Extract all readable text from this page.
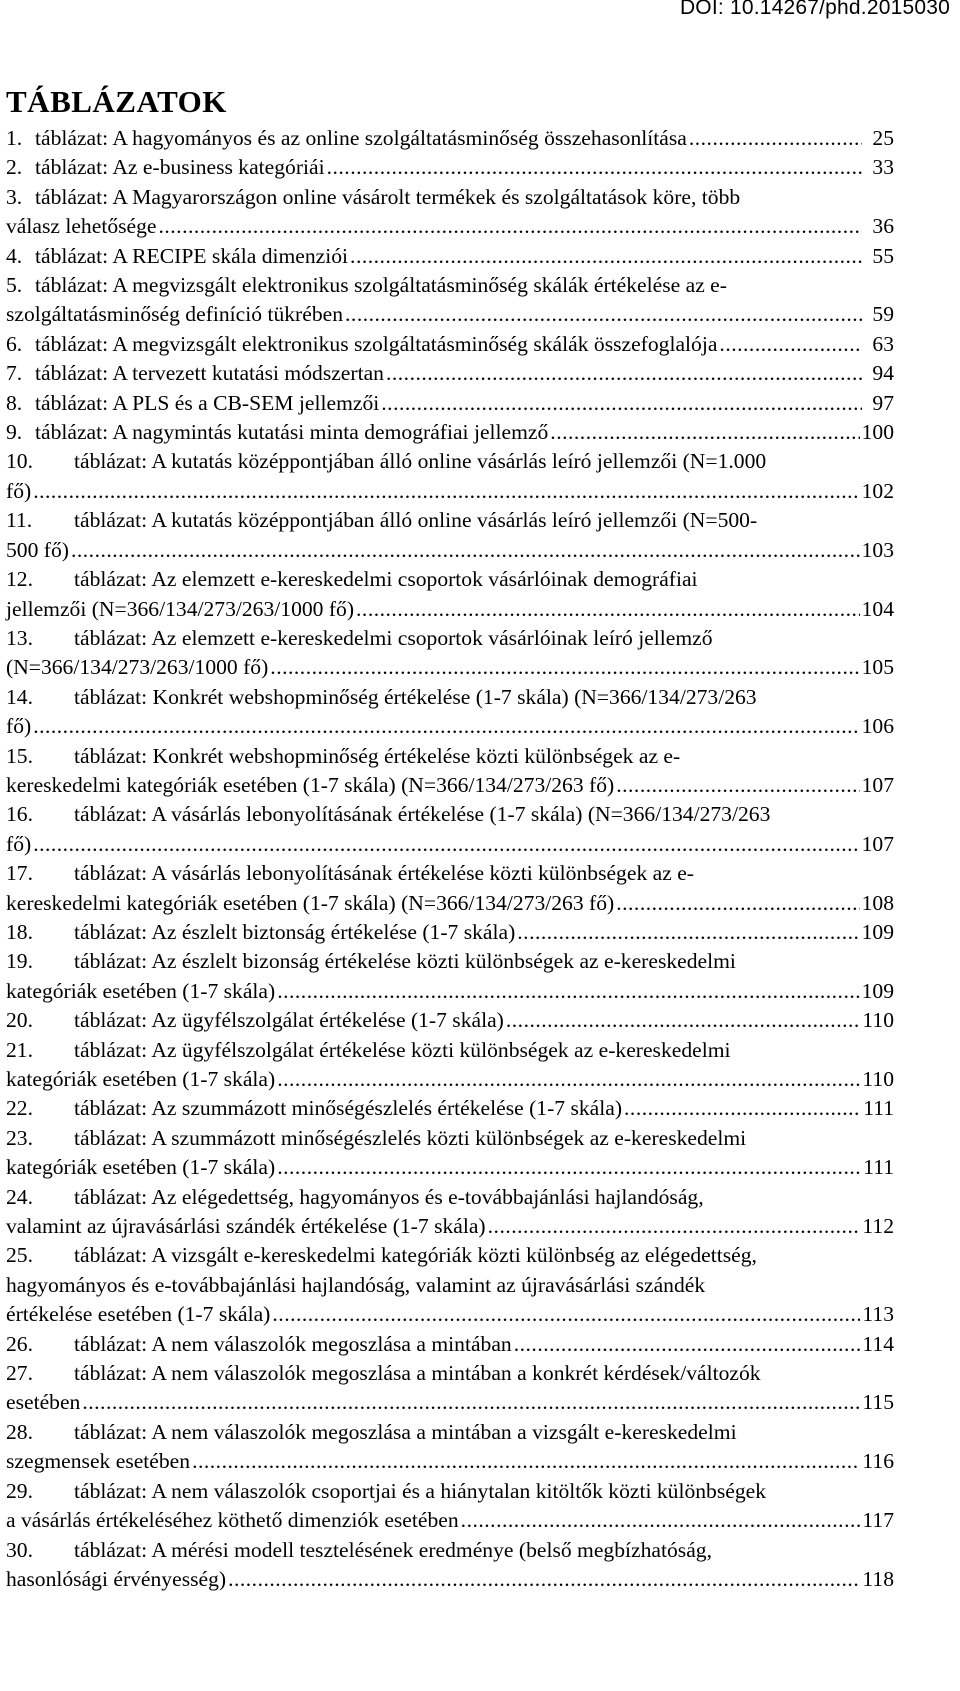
DOI: 10.14267/phd.2015030
TÁBLÁZATOK
1. táblázat: A hagyományos és az online szolgáltatásminőség összehasonlítása .....	25
2. táblázat: Az e-business kategóriái .....	33
3. táblázat: A Magyarországon online vásárolt termékek és szolgáltatások köre, több
válasz lehetősége .....	36
4. táblázat: A RECIPE skála dimenziói .....	55
5. táblázat: A megvizsgált elektronikus szolgáltatásminőség skálák értékelése az e-
szolgáltatásminőség definíció tükrében .....	59
6. táblázat: A megvizsgált elektronikus szolgáltatásminőség skálák összefoglalója .....	63
7. táblázat: A tervezett kutatási módszertan .....	94
8. táblázat: A PLS és a CB-SEM jellemzői .....	97
9. táblázat: A nagymintás kutatási minta demográfiai jellemző .....	100
10.	táblázat: A kutatás középpontjában álló online vásárlás leíró jellemzői (N=1.000
fő) .....	102
11.	táblázat: A kutatás középpontjában álló online vásárlás leíró jellemzői (N=500-
500 fő) .....	103
12.	táblázat: Az elemzett e-kereskedelmi csoportok vásárlóinak demográfiai
jellemzői (N=366/134/273/263/1000 fő) .....	104
13.	táblázat: Az elemzett e-kereskedelmi csoportok vásárlóinak leíró jellemző
(N=366/134/273/263/1000 fő) .....	105
14.	táblázat: Konkrét webshopminőség értékelése (1-7 skála) (N=366/134/273/263
fő) .....	106
15.	táblázat: Konkrét webshopminőség értékelése közti különbségek az e-
kereskedelmi kategóriák esetében (1-7 skála) (N=366/134/273/263 fő) .....	107
16.	táblázat: A vásárlás lebonyolításának értékelése (1-7 skála) (N=366/134/273/263
fő) .....	107
17.	táblázat: A vásárlás lebonyolításának értékelése közti különbségek az e-
kereskedelmi kategóriák esetében (1-7 skála) (N=366/134/273/263 fő) .....	108
18.	táblázat: Az észlelt biztonság értékelése (1-7 skála) .....	109
19.	táblázat: Az észlelt bizonság értékelése közti különbségek az e-kereskedelmi
kategóriák esetében (1-7 skála) .....	109
20.	táblázat: Az ügyfélszolgálat értékelése (1-7 skála) .....	110
21.	táblázat: Az ügyfélszolgálat értékelése közti különbségek az e-kereskedelmi
kategóriák esetében (1-7 skála) .....	110
22.	táblázat: Az szummázott minőségészlelés értékelése (1-7 skála) .....	111
23.	táblázat: A szummázott minőségészlelés közti különbségek az e-kereskedelmi
kategóriák esetében (1-7 skála) .....	111
24.	táblázat: Az elégedettség, hagyományos és e-továbbajánlási hajlandóság,
valamint az újravásárlási szándék értékelése (1-7 skála) .....	112
25.	táblázat: A vizsgált e-kereskedelmi kategóriák közti különbség az elégedettség,
hagyományos és e-továbbajánlási hajlandóság, valamint az újravásárlási szándék
értékelése esetében (1-7 skála) .....	113
26.	táblázat: A nem válaszolók megoszlása a mintában .....	114
27.	táblázat: A nem válaszolók megoszlása a mintában a konkrét kérdések/változók
esetében .....	115
28.	táblázat: A nem válaszolók megoszlása a mintában a vizsgált e-kereskedelmi
szegmensek esetében .....	116
29.	táblázat: A nem válaszolók csoportjai és a hiánytalan kitöltők közti különbségek
a vásárlás értékeléséhez köthető dimenziók esetében .....	117
30.	táblázat: A mérési modell tesztelésének eredménye (belső megbízhatóság,
hasonlósági érvényesség) .....	118
